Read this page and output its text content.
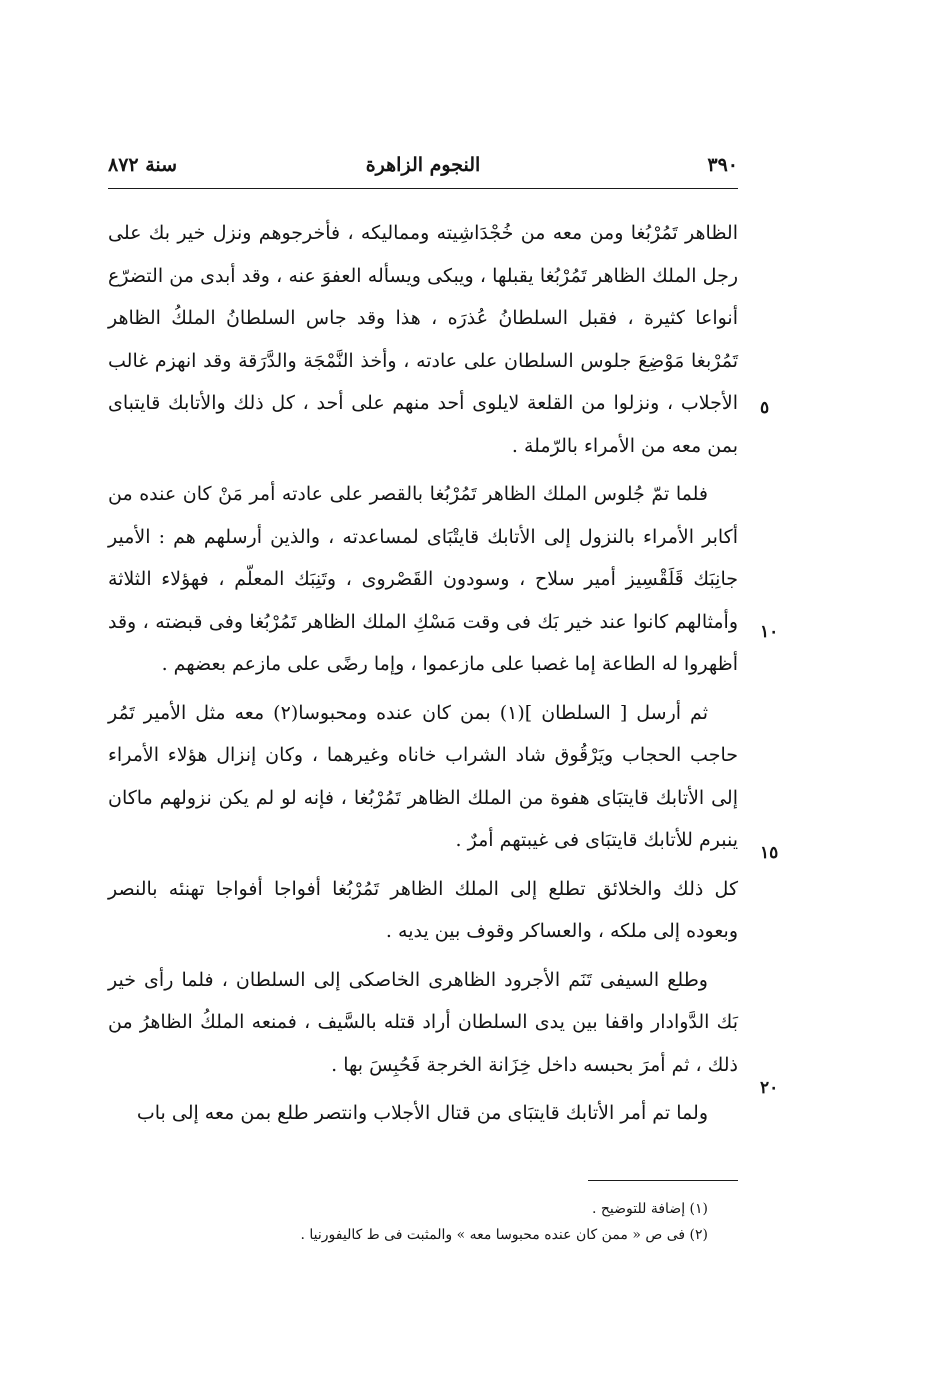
٣٩٠
النجوم الزاهرة
سنة ٨٧٢

الظاهر تَمُرْبُغا ومن معه من خُجْدَاشِيته ومماليكه ، فأخرجوهم ونزل خير بك على رجل الملك الظاهر تَمُرْبُغا يقبلها ، ويبكى ويسأله العفوَ عنه ، وقد أبدى من التضرّع أنواعا كثيرة ، فقبل السلطانُ عُذرَه ، هذا وقد جاس السلطانُ الملكُ الظاهر تَمُرْبغا مَوْضِعَ جلوس السلطان على عادته ، وأخذ النَّمْجَة والدَّرَقة وقد انهزم غالب الأجلاب ، ونزلوا من القلعة لايلوى أحد منهم على أحد ، كل ذلك والأتابك قايتباى بمن معه من الأمراء بالرّملة .

فلما تمّ جُلوس الملك الظاهر تَمُرْبُغا بالقصر على عادته أمر مَنْ كان عنده من أكابر الأمراء بالنزول إلى الأتابك قايتْبَاى لمساعدته ، والذين أرسلهم هم : الأمير جانِبَك قَلَقْسِيز أمير سلاح ، وسودون القَصْروى ، وتَنِبَك المعلّم ، فهؤلاء الثلاثة وأمثالهم كانوا عند خير بَك فى وقت مَسْكِ الملك الظاهر تَمُرْبُغا وفى قبضته ، وقد أظهروا له الطاعة إما غصبا على مازعموا ، وإما رضًى على مازعم بعضهم .

ثم أرسل [ السلطان ](١) بمن كان عنده ومحبوسا(٢) معه مثل الأمير تَمُر حاجب الحجاب ويَرْقُوق شاد الشراب خاناه وغيرهما ، وكان إنزال هؤلاء الأمراء إلى الأتابك قايتبَاى هفوة من الملك الظاهر تَمُرْبُغا ، فإنه لو لم يكن نزولهم ماكان ينبرم للأتابك قايتبَاى فى غيبتهم أمرٌ .

كل ذلك والخلائق تطلع إلى الملك الظاهر تَمُرْبُغا أفواجا أفواجا تهنئه بالنصر وبعوده إلى ملكه ، والعساكر وقوف بين يديه .

وطلع السيفى تَنَم الأجرود الظاهرى الخاصكى إلى السلطان ، فلما رأى خير بَك الدَّوادار واقفا بين يدى السلطان أراد قتله بالسَّيف ، فمنعه الملكُ الظاهرُ من ذلك ، ثم أمرَ بحبسه داخل خِزَانة الخرجة فَحُبِسَ بها .

ولما تم أمر الأتابك قايتبَاى من قتال الأجلاب وانتصر طلع بمن معه إلى باب

٥
١٠
١٥
٢٠

(١) إضافة للتوضيح .

(٢) فى ص « ممن كان عنده محبوسا معه » والمثبت فى ط كاليفورنيا .
